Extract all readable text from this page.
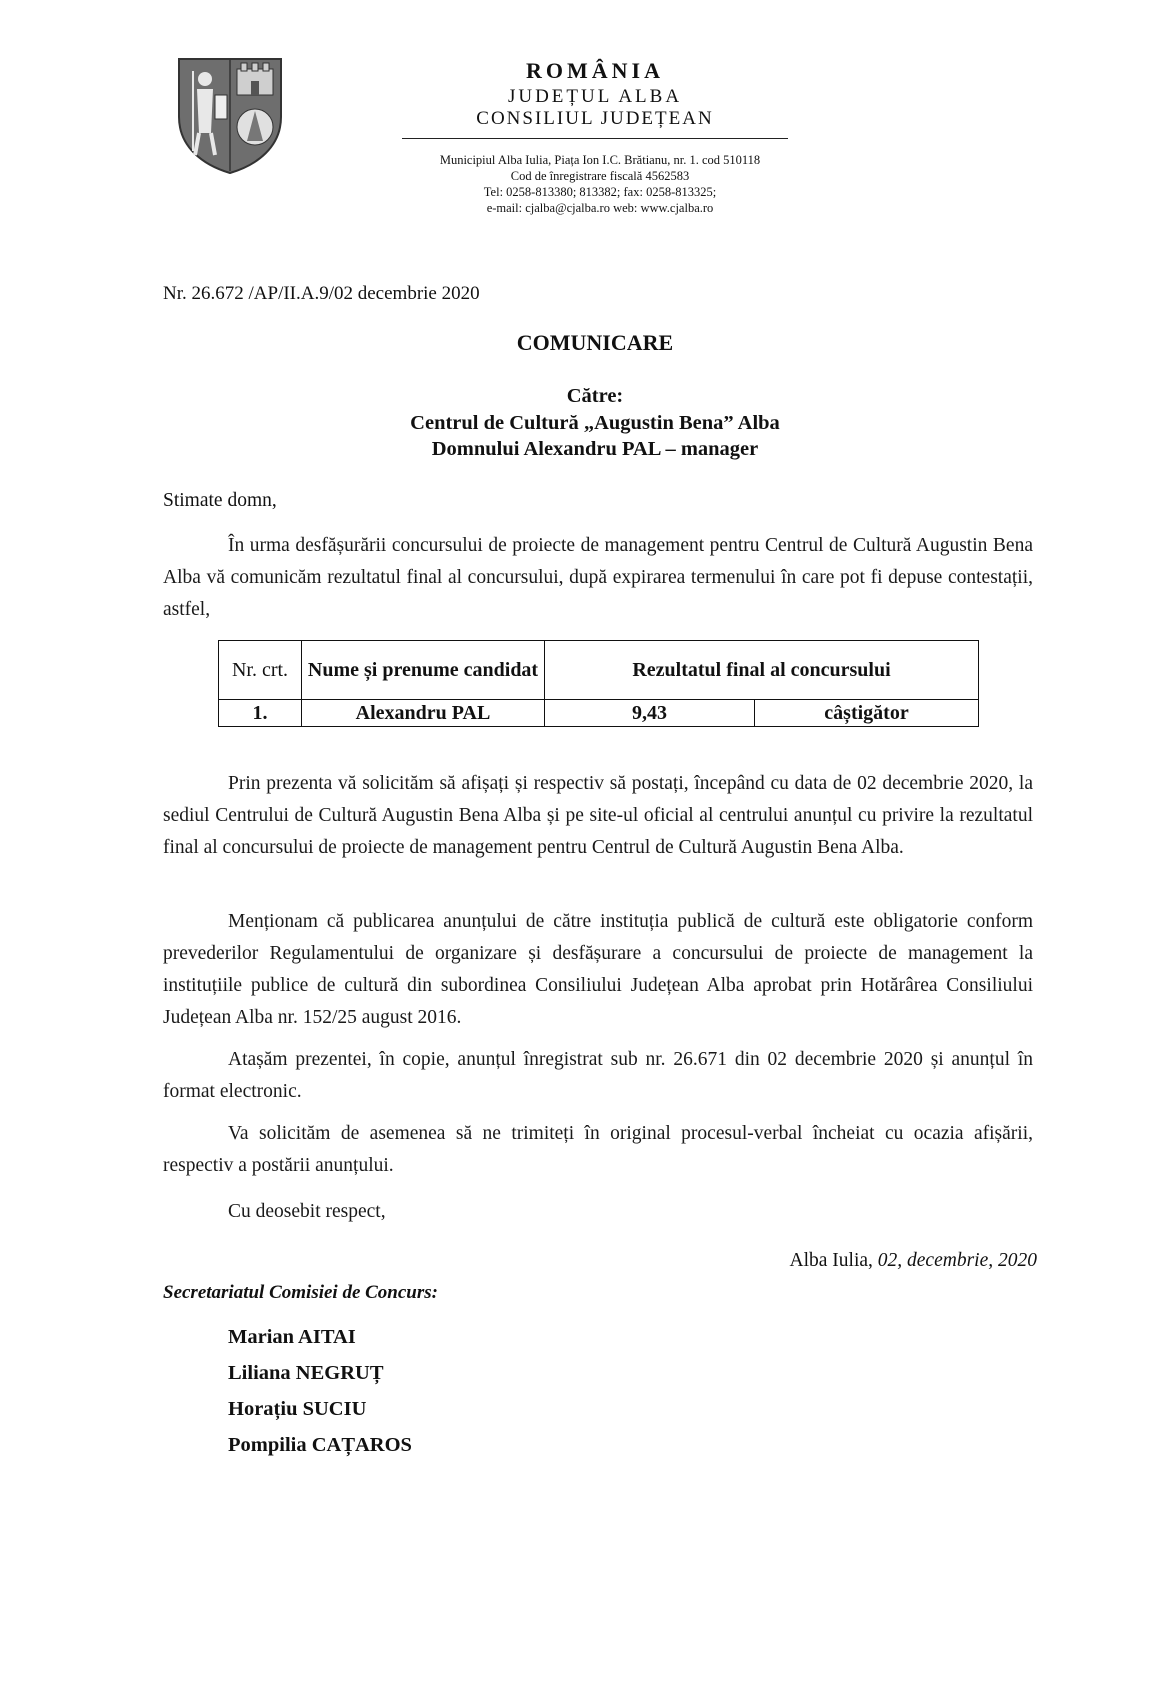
ROMÂNIA
JUDEȚUL ALBA
CONSILIUL JUDEȚEAN
Municipiul Alba Iulia, Piața Ion I.C. Brătianu, nr. 1. cod 510118
Cod de înregistrare fiscală 4562583
Tel: 0258-813380; 813382; fax: 0258-813325;
e-mail: cjalba@cjalba.ro web: www.cjalba.ro
Nr. 26.672 /AP/II.A.9/02 decembrie 2020
COMUNICARE
Către:
Centrul de Cultură „Augustin Bena” Alba
Domnului Alexandru PAL – manager
Stimate domn,

În urma desfășurării concursului de proiecte de management pentru Centrul de Cultură Augustin Bena Alba vă comunicăm rezultatul final al concursului, după expirarea termenului în care pot fi depuse contestații, astfel,

Nr. crt.	Nume și prenume candidat	Rezultatul final al concursului	
1.	Alexandru PAL	9,43	câștigător

Prin prezenta vă solicităm să afișați și respectiv să postați, începând cu data de 02 decembrie 2020, la sediul Centrului de Cultură Augustin Bena Alba și pe site-ul oficial al centrului anunțul cu privire la rezultatul final al concursului de proiecte de management pentru Centrul de Cultură Augustin Bena Alba.

Menționam că publicarea anunțului de către instituția publică de cultură este obligatorie conform prevederilor Regulamentului de organizare și desfășurare a concursului de proiecte de management la instituțiile publice de cultură din subordinea Consiliului Județean Alba aprobat prin Hotărârea Consiliului Județean Alba nr. 152/25 august 2016.

Atașăm prezentei, în copie, anunțul înregistrat sub nr. 26.671 din 02 decembrie 2020 și anunțul în format electronic.

Va solicităm de asemenea să ne trimiteți în original procesul-verbal încheiat cu ocazia afișării, respectiv a postării anunțului.

Cu deosebit respect,

Alba Iulia, 02, decembrie, 2020
Secretariatul Comisiei de Concurs:
Marian AITAI
Liliana NEGRUȚ
Horațiu SUCIU
Pompilia CAȚAROS
